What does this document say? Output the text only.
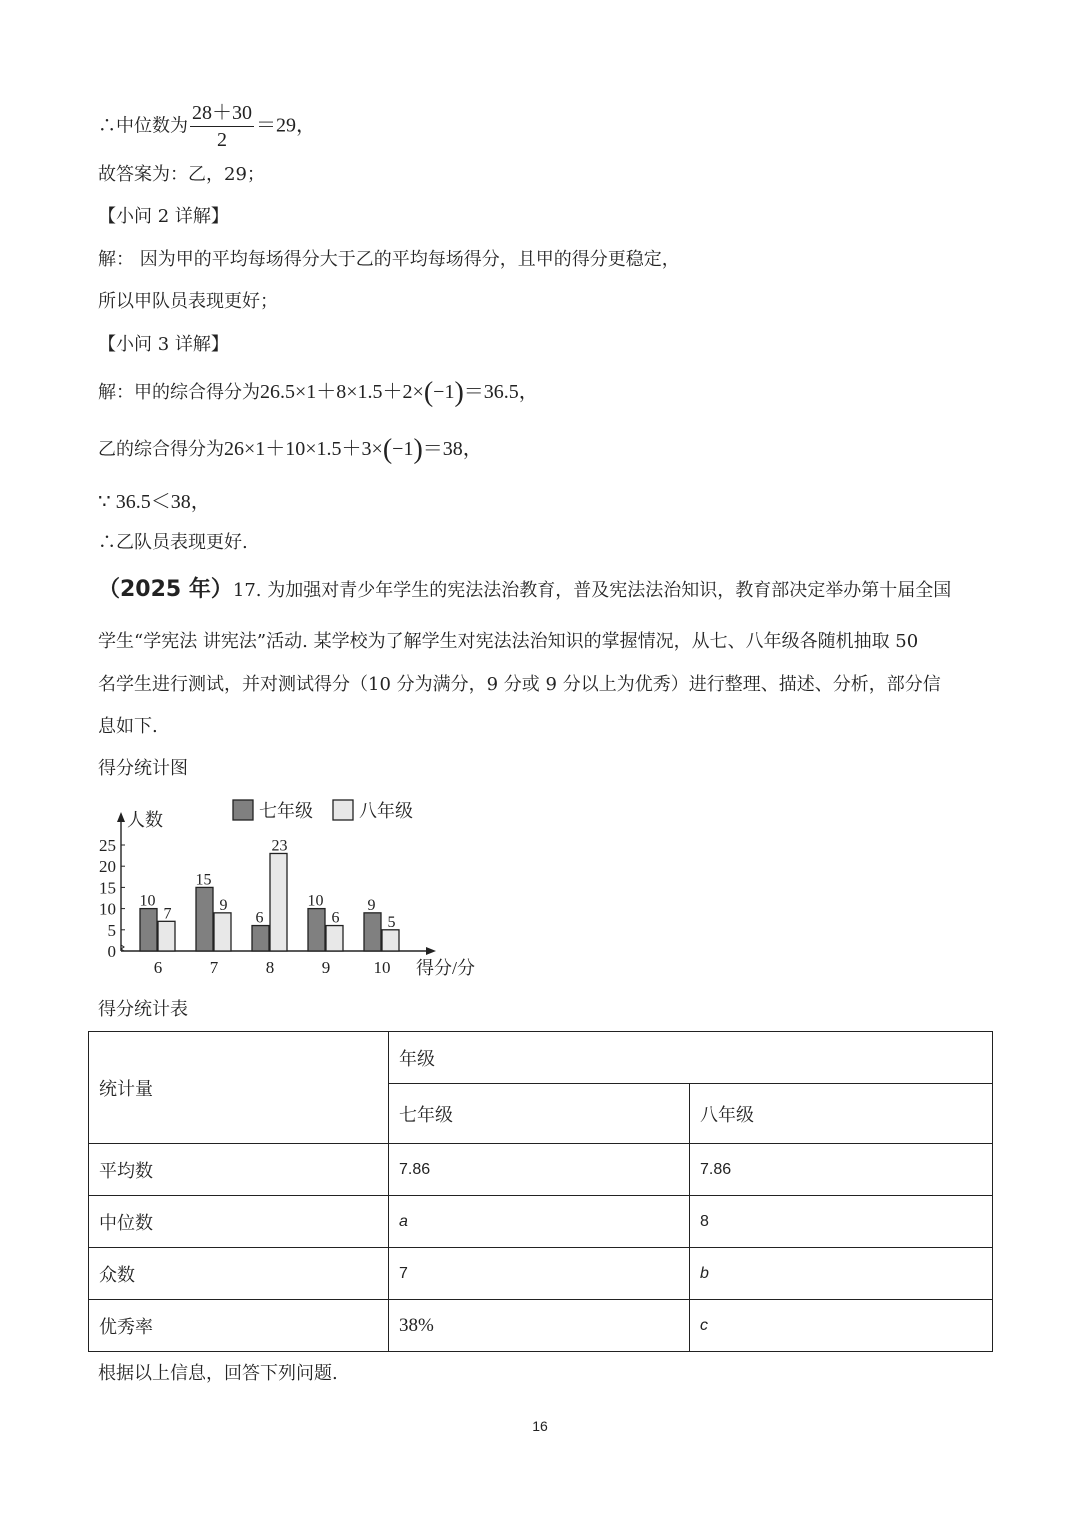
∴中位数为 $\frac{28+30}{2} =29$，
故答案为：乙，29；
【小问 2 详解】
解： 因为甲的平均每场得分大于乙的平均每场得分，且甲的得分更稳定，
所以甲队员表现更好；
【小问 3 详解】
解：甲的综合得分为26.5×1＋8×1.5＋2×(−1)＝36.5，
乙的综合得分为26×1＋10×1.5＋3×(−1)＝38，
∵ 36.5＜38，
∴乙队员表现更好.
（2025 年）17. 为加强对青少年学生的宪法法治教育，普及宪法法治知识，教育部决定举办第十届全国
学生“学宪法 讲宪法”活动. 某学校为了解学生对宪法法治知识的掌握情况，从七、八年级各随机抽取 50
名学生进行测试，并对测试得分（10 分为满分，9 分或 9 分以上为优秀）进行整理、描述、分析，部分信
息如下.
得分统计图
0
5
10
15
20
25
人数
得分/分
七年级	八年级
10
7
6
15
9
7
6
23
8
10
6
9
9
5
10
得分统计表
统计量	年级	
	七年级	八年级
平均数	7.86	7.86
中位数	a	8
众数	7	b
优秀率	38%	c
根据以上信息，回答下列问题.
16
